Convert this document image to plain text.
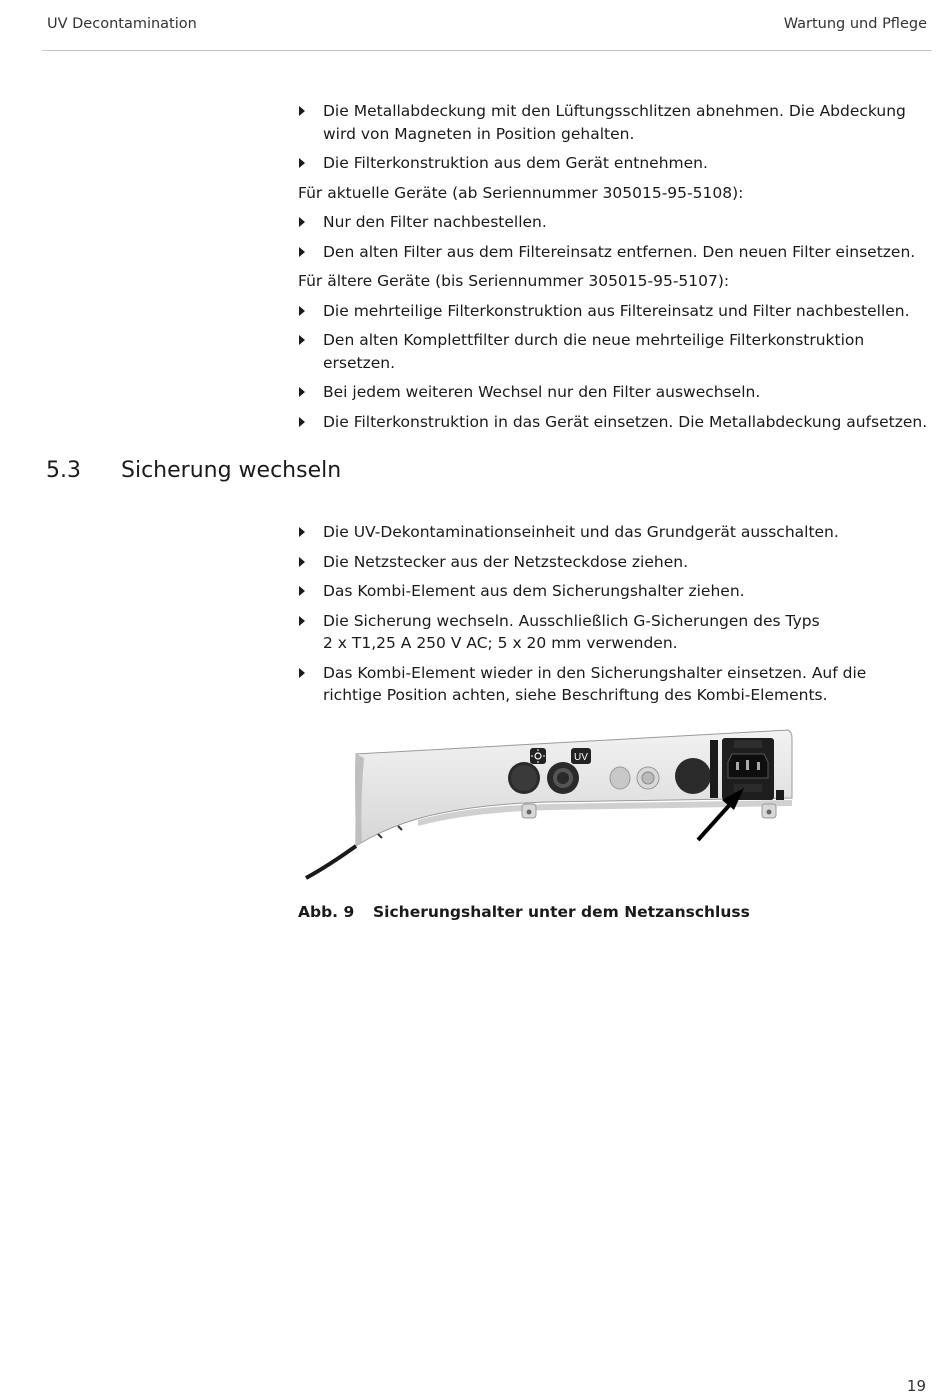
UV Decontamination	Wartung und Pflege
Die Metallabdeckung mit den Lüftungsschlitzen abnehmen. Die Abdeckung wird von Magneten in Position gehalten.
Die Filterkonstruktion aus dem Gerät entnehmen.
Für aktuelle Geräte (ab Seriennummer 305015-95-5108):
Nur den Filter nachbestellen.
Den alten Filter aus dem Filtereinsatz entfernen. Den neuen Filter einsetzen.
Für ältere Geräte (bis Seriennummer 305015-95-5107):
Die mehrteilige Filterkonstruktion aus Filtereinsatz und Filter nachbestellen.
Den alten Komplettfilter durch die neue mehrteilige Filterkonstruktion ersetzen.
Bei jedem weiteren Wechsel nur den Filter auswechseln.
Die Filterkonstruktion in das Gerät einsetzen. Die Metallabdeckung aufsetzen.
5.3 Sicherung wechseln
Die UV-Dekontaminationseinheit und das Grundgerät ausschalten.
Die Netzstecker aus der Netzsteckdose ziehen.
Das Kombi-Element aus dem Sicherungshalter ziehen.
Die Sicherung wechseln. Ausschließlich G-Sicherungen des Typs
2 x T1,25 A 250 V AC; 5 x 20 mm verwenden.
Das Kombi-Element wieder in den Sicherungshalter einsetzen. Auf die richtige Position achten, siehe Beschriftung des Kombi-Elements.
UV
Abb. 9 Sicherungshalter unter dem Netzanschluss
19
